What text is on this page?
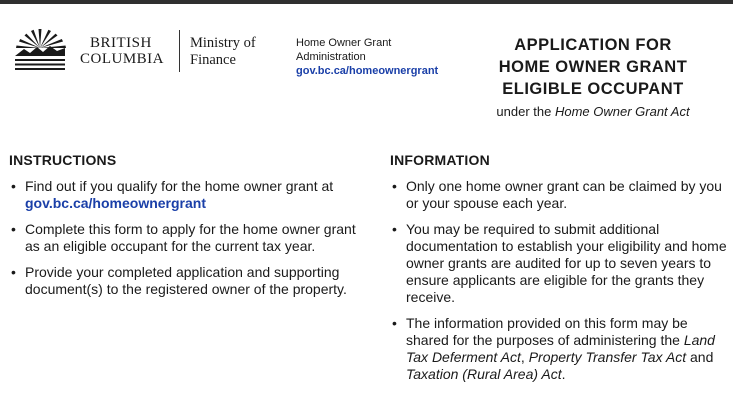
BRITISH
COLUMBIA
Ministry of
Finance
Home Owner Grant
Administration
gov.bc.ca/homeownergrant
APPLICATION FOR
HOME OWNER GRANT
ELIGIBLE OCCUPANT
under the Home Owner Grant Act
INSTRUCTIONS
• Find out if you qualify for the home owner grant at gov.bc.ca/homeownergrant
• Complete this form to apply for the home owner grant as an eligible occupant for the current tax year.
• Provide your completed application and supporting document(s) to the registered owner of the property.
INFORMATION
• Only one home owner grant can be claimed by you or your spouse each year.
• You may be required to submit additional documentation to establish your eligibility and home owner grants are audited for up to seven years to ensure applicants are eligible for the grants they receive.
• The information provided on this form may be shared for the purposes of administering the Land Tax Deferment Act, Property Transfer Tax Act and Taxation (Rural Area) Act.
